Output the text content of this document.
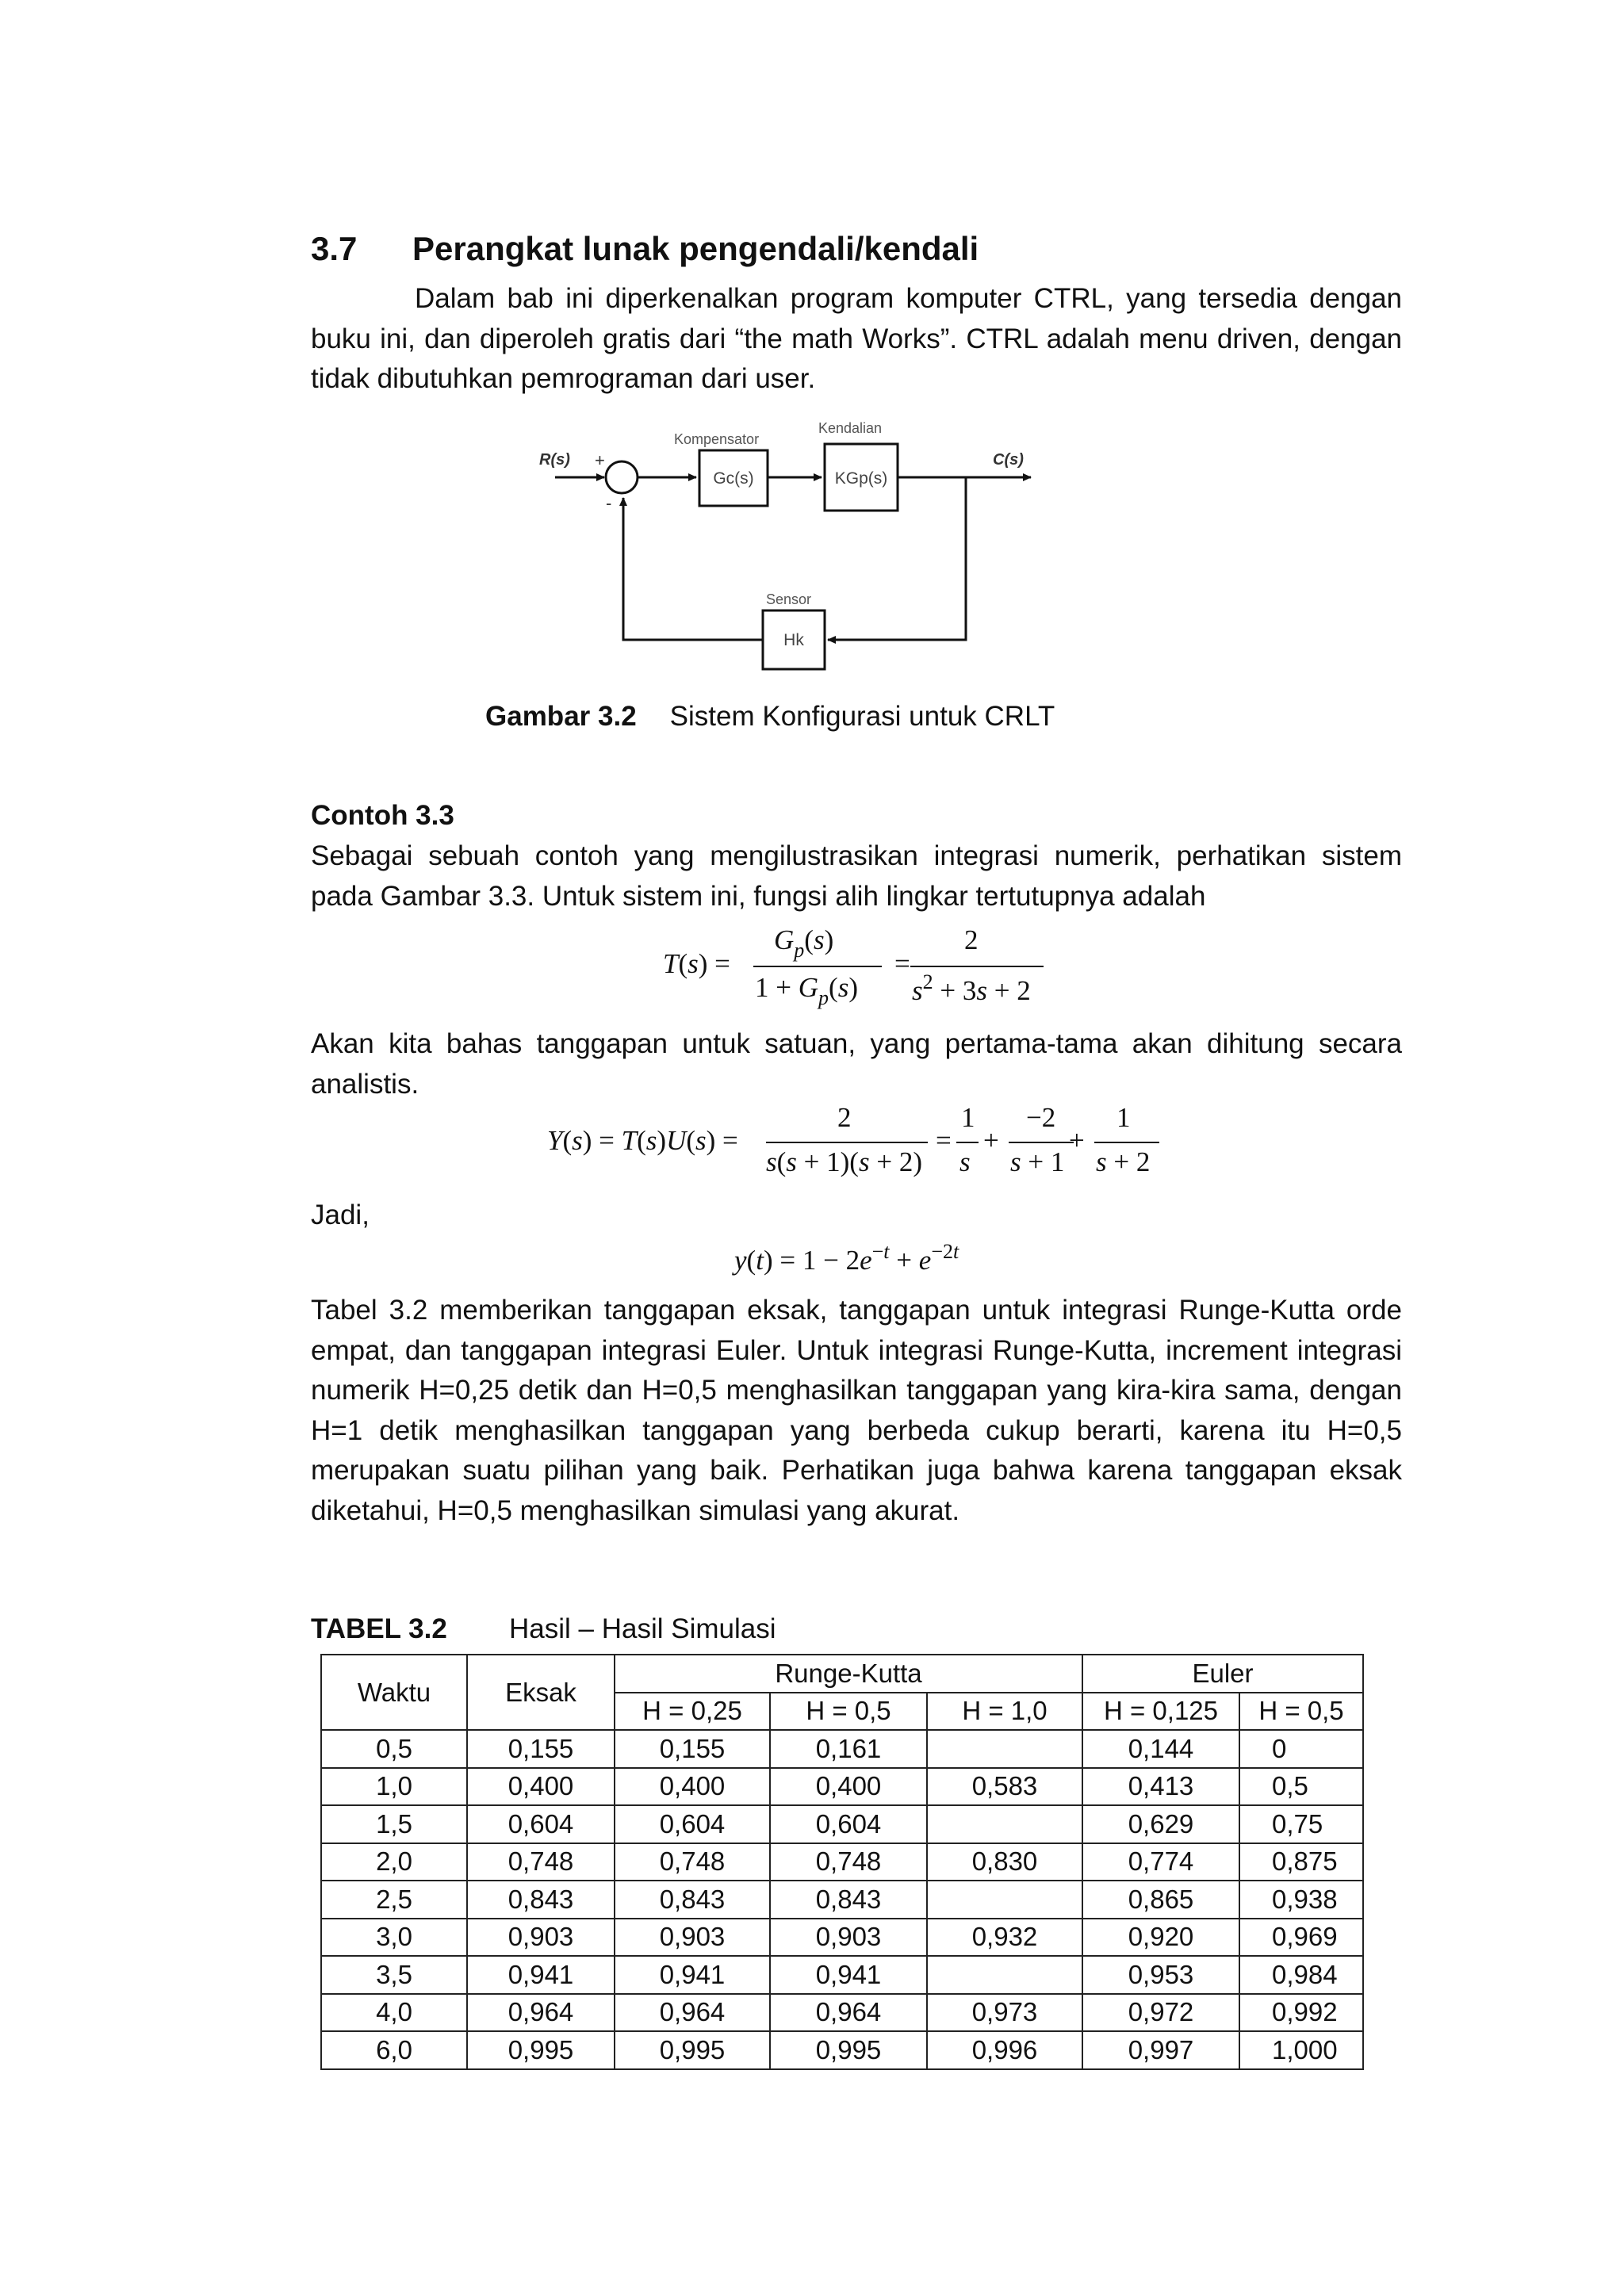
3.7 Perangkat lunak pengendali/kendali
Dalam bab ini diperkenalkan program komputer CTRL, yang tersedia dengan buku ini, dan diperoleh gratis dari “the math Works”. CTRL adalah menu driven, dengan tidak dibutuhkan pemrograman dari user.
R(s) +
-
Kompensator
Gc(s)
Kendalian
KGp(s)
C(s)
Sensor
Hk
Gambar 3.2 Sistem Konfigurasi untuk CRLT
Contoh 3.3
Sebagai sebuah contoh yang mengilustrasikan integrasi numerik, perhatikan sistem pada Gambar 3.3. Untuk sistem ini, fungsi alih lingkar tertutupnya adalah
T(s) =
$G_p(s)$
$1 + G_p(s)$
=
2
$s^2 + 3s + 2$
Akan kita bahas tanggapan untuk satuan, yang pertama-tama akan dihitung secara analistis.
Y(s) = T(s)U(s) =
2
s(s + 1)(s + 2)
=
1
s
+
−2
s + 1
+
1
s + 2
Jadi,
$y(t) = 1 - 2e^{-t} + e^{-2t}$
Tabel 3.2 memberikan tanggapan eksak, tanggapan untuk integrasi Runge-Kutta orde empat, dan tanggapan integrasi Euler. Untuk integrasi Runge-Kutta, increment integrasi numerik H=0,25 detik dan H=0,5 menghasilkan tanggapan yang kira-kira sama, dengan H=1 detik menghasilkan tanggapan yang berbeda cukup berarti, karena itu H=0,5 merupakan suatu pilihan yang baik. Perhatikan juga bahwa karena tanggapan eksak diketahui, H=0,5 menghasilkan simulasi yang akurat.
TABEL 3.2 Hasil – Hasil Simulasi
Waktu	Eksak	Runge-Kutta			Euler	
		H = 0,25	H = 0,5	H = 1,0	H = 0,125	H = 0,5
0,5	0,155	0,155	0,161		0,144	0
1,0	0,400	0,400	0,400	0,583	0,413	0,5
1,5	0,604	0,604	0,604		0,629	0,75
2,0	0,748	0,748	0,748	0,830	0,774	0,875
2,5	0,843	0,843	0,843		0,865	0,938
3,0	0,903	0,903	0,903	0,932	0,920	0,969
3,5	0,941	0,941	0,941		0,953	0,984
4,0	0,964	0,964	0,964	0,973	0,972	0,992
6,0	0,995	0,995	0,995	0,996	0,997	1,000
